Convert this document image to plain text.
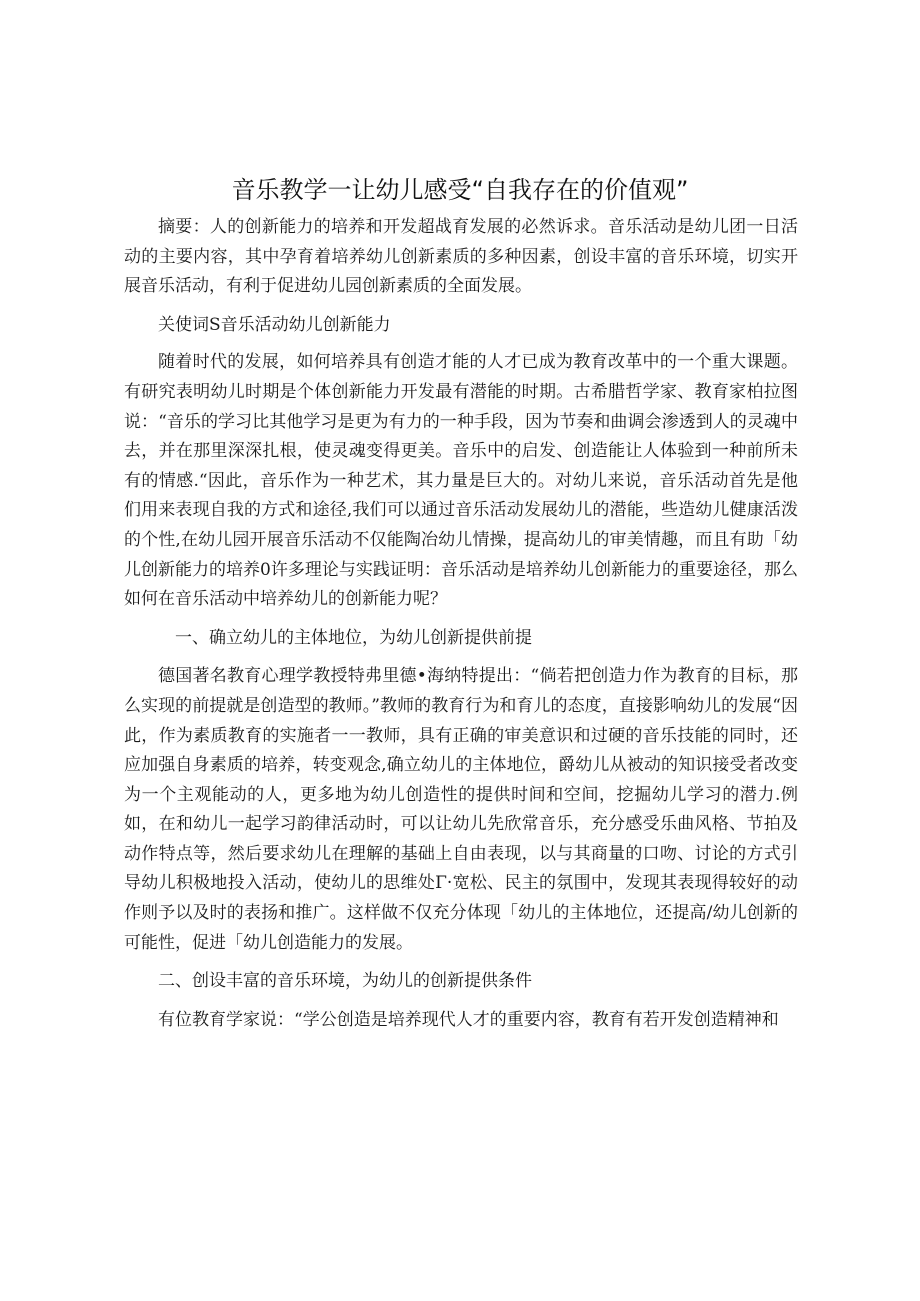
音乐教学一让幼儿感受“自我存在的价值观”

摘要：人的创新能力的培养和开发超战育发展的必然诉求。音乐活动是幼儿团一日活动的主要内容，其中孕育着培养幼儿创新素质的多种因素，创设丰富的音乐环境，切实开展音乐活动，有利于促进幼儿园创新素质的全面发展。

关使词S音乐活动幼儿创新能力

随着时代的发展，如何培养具有创造才能的人才已成为教育改革中的一个重大课题。有研究表明幼儿时期是个体创新能力开发最有潜能的时期。古希腊哲学家、教育家柏拉图说：“音乐的学习比其他学习是更为有力的一种手段，因为节奏和曲调会渗透到人的灵魂中去，并在那里深深扎根，使灵魂变得更美。音乐中的启发、创造能让人体验到一种前所未有的情感.“因此，音乐作为一种艺术，其力量是巨大的。对幼儿来说，音乐活动首先是他们用来表现自我的方式和途径,我们可以通过音乐活动发展幼儿的潜能，些造幼儿健康活泼的个性,在幼儿园开展音乐活动不仅能陶冶幼儿情操，提高幼儿的审美情趣，而且有助「幼儿创新能力的培养0许多理论与实践证明：音乐活动是培养幼儿创新能力的重要途径，那么如何在音乐活动中培养幼儿的创新能力呢？

一、确立幼儿的主体地位，为幼儿创新提供前提

德国著名教育心理学教授特弗里德•海纳特提出：“倘若把创造力作为教育的目标，那么实现的前提就是创造型的教师。”教师的教育行为和育儿的态度，直接影响幼儿的发展“因此，作为素质教育的实施者一一教师，具有正确的审美意识和过硬的音乐技能的同时，还应加强自身素质的培养，转变观念,确立幼儿的主体地位，爵幼儿从被动的知识接受者改变为一个主观能动的人，更多地为幼儿创造性的提供时间和空间，挖掘幼儿学习的潜力.例如，在和幼儿一起学习韵律活动时，可以让幼儿先欣常音乐，充分感受乐曲风格、节拍及动作特点等，然后要求幼儿在理解的基础上自由表现，以与其商量的口吻、讨论的方式引导幼儿积极地投入活动，使幼儿的思维处Γ·宽松、民主的氛围中，发现其表现得较好的动作则予以及时的表扬和推广。这样做不仅充分体现「幼儿的主体地位，还提高/幼儿创新的可能性，促进「幼儿创造能力的发展。

二、创设丰富的音乐环境，为幼儿的创新提供条件

有位教育学家说：“学公创造是培养现代人才的重要内容，教育有若开发创造精神和
